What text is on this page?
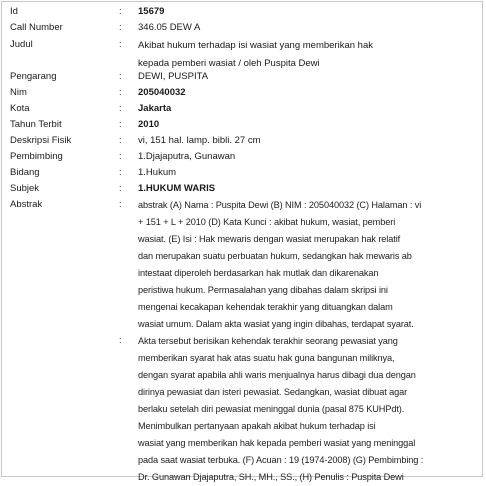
Id	: 15679
Call Number	: 346.05 DEW A
Judul	: Akibat hukum terhadap isi wasiat yang memberikan hak
kepada pemberi wasiat / oleh Puspita Dewi
Pengarang	: DEWI, PUSPITA
Nim	: 205040032
Kota	: Jakarta
Tahun Terbit	: 2010
Deskripsi Fisik	: vi, 151 hal. lamp. bibli. 27 cm
Pembimbing	: 1.Djajaputra, Gunawan
Bidang	: 1.Hukum
Subjek	: 1.HUKUM WARIS
Abstrak	: abstrak (A) Nama : Puspita Dewi (B) NIM : 205040032 (C) Halaman : vi
+ 151 + L + 2010 (D) Kata Kunci : akibat hukum, wasiat, pemberi
wasiat. (E) Isi : Hak mewaris dengan wasiat merupakan hak relatif
dan merupakan suatu perbuatan hukum, sedangkan hak mewaris ab
intestaat diperoleh berdasarkan hak mutlak dan dikarenakan
peristiwa hukum. Permasalahan yang dibahas dalam skripsi ini
mengenai kecakapan kehendak terakhir yang dituangkan dalam
wasiat umum. Dalam akta wasiat yang ingin dibahas, terdapat syarat.
: Akta tersebut berisikan kehendak terakhir seorang pewasiat yang
memberikan syarat hak atas suatu hak guna bangunan miliknya,
dengan syarat apabila ahli waris menjualnya harus dibagi dua dengan
dirinya pewasiat dan isteri pewasiat. Sedangkan, wasiat dibuat agar
berlaku setelah diri pewasiat meninggal dunia (pasal 875 KUHPdt).
Menimbulkan pertanyaan apakah akibat hukum terhadap isi
wasiat yang memberikan hak kepada pemberi wasiat yang meninggal
pada saat wasiat terbuka. (F) Acuan : 19 (1974-2008) (G) Pembimbing :
Dr. Gunawan Djajaputra, SH., MH., SS., (H) Penulis : Puspita Dewi
